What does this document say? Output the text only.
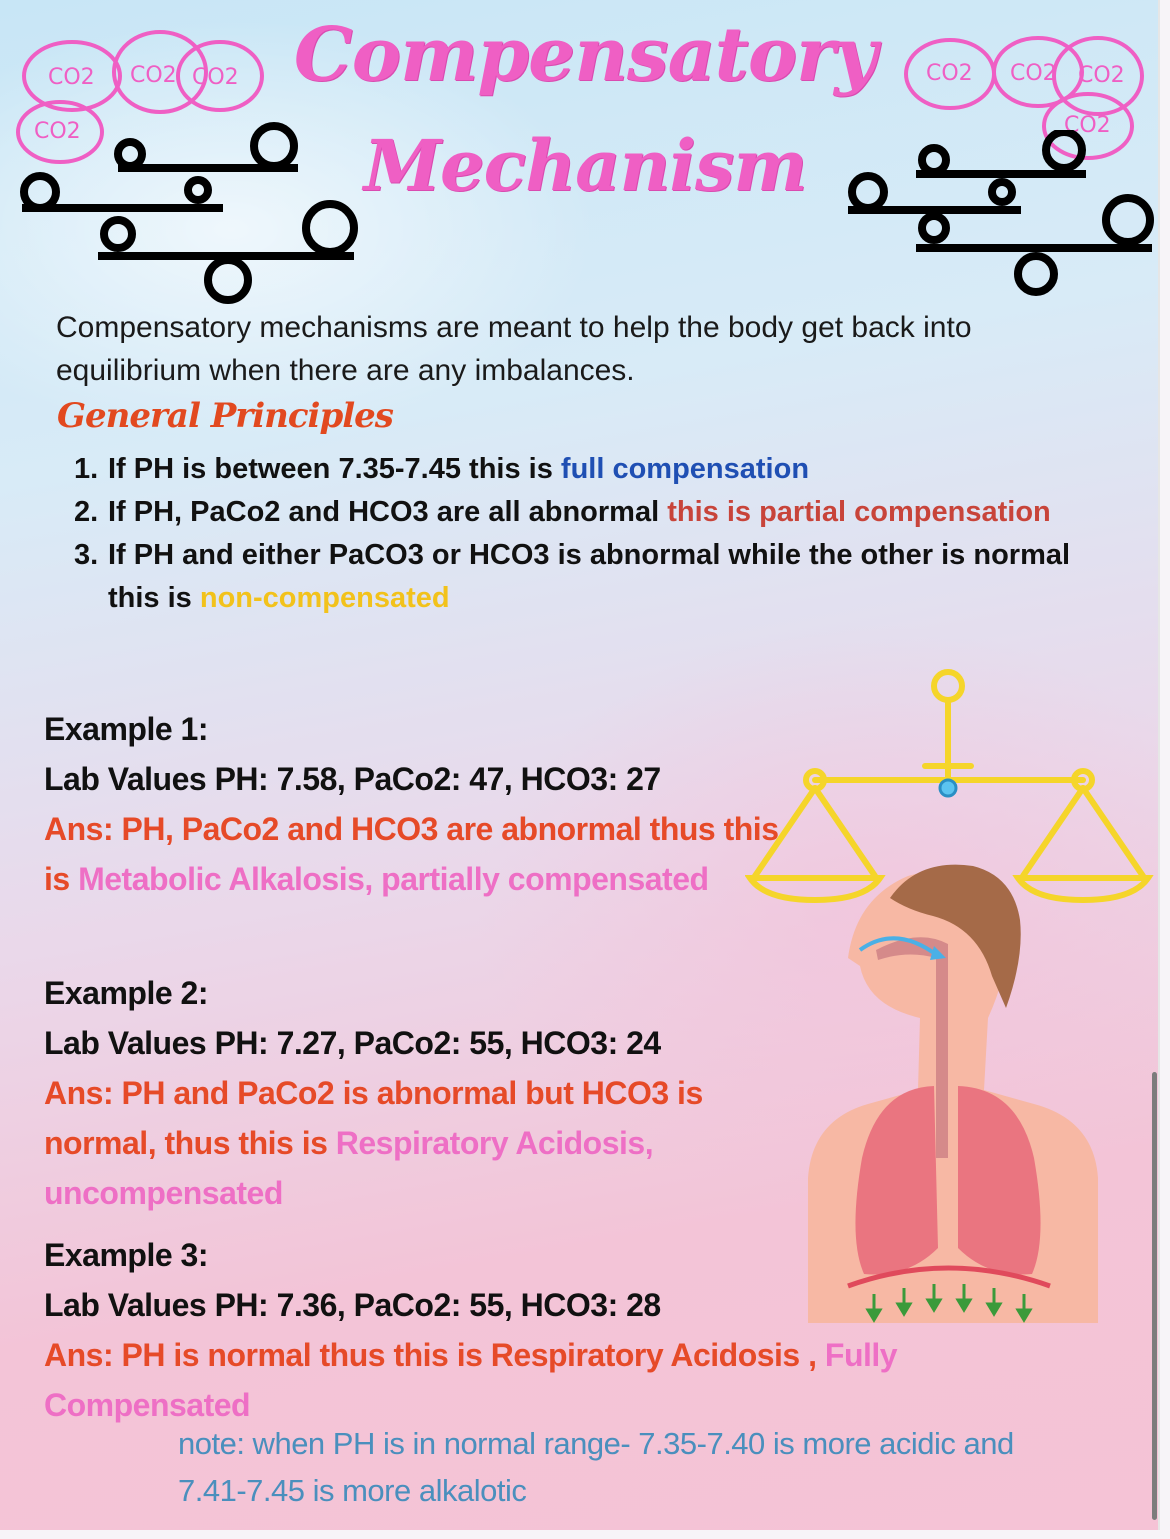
CO2 CO2 CO2
CO2
CO2 CO2 CO2
CO2
Compensatory
Mechanism

Compensatory mechanisms are meant to help the body get back into equilibrium when there are any imbalances.

General Principles
1. If PH is between 7.35-7.45 this is full compensation
2. If PH, PaCo2 and HCO3 are all abnormal this is partial compensation
3. If PH and either PaCO3 or HCO3 is abnormal while the other is normal this is non-compensated
Example 1:
Lab Values PH: 7.58, PaCo2: 47, HCO3: 27
Ans: PH, PaCo2 and HCO3 are abnormal thus this is Metabolic Alkalosis, partially compensated
Example 2:
Lab Values PH: 7.27, PaCo2: 55, HCO3: 24
Ans: PH and PaCo2 is abnormal but HCO3 is normal, thus this is Respiratory Acidosis, uncompensated
Example 3:
Lab Values PH: 7.36, PaCo2: 55, HCO3: 28
Ans: PH is normal thus this is Respiratory Acidosis , Fully Compensated

note: when PH is in normal range- 7.35-7.40 is more acidic and 7.41-7.45 is more alkalotic
